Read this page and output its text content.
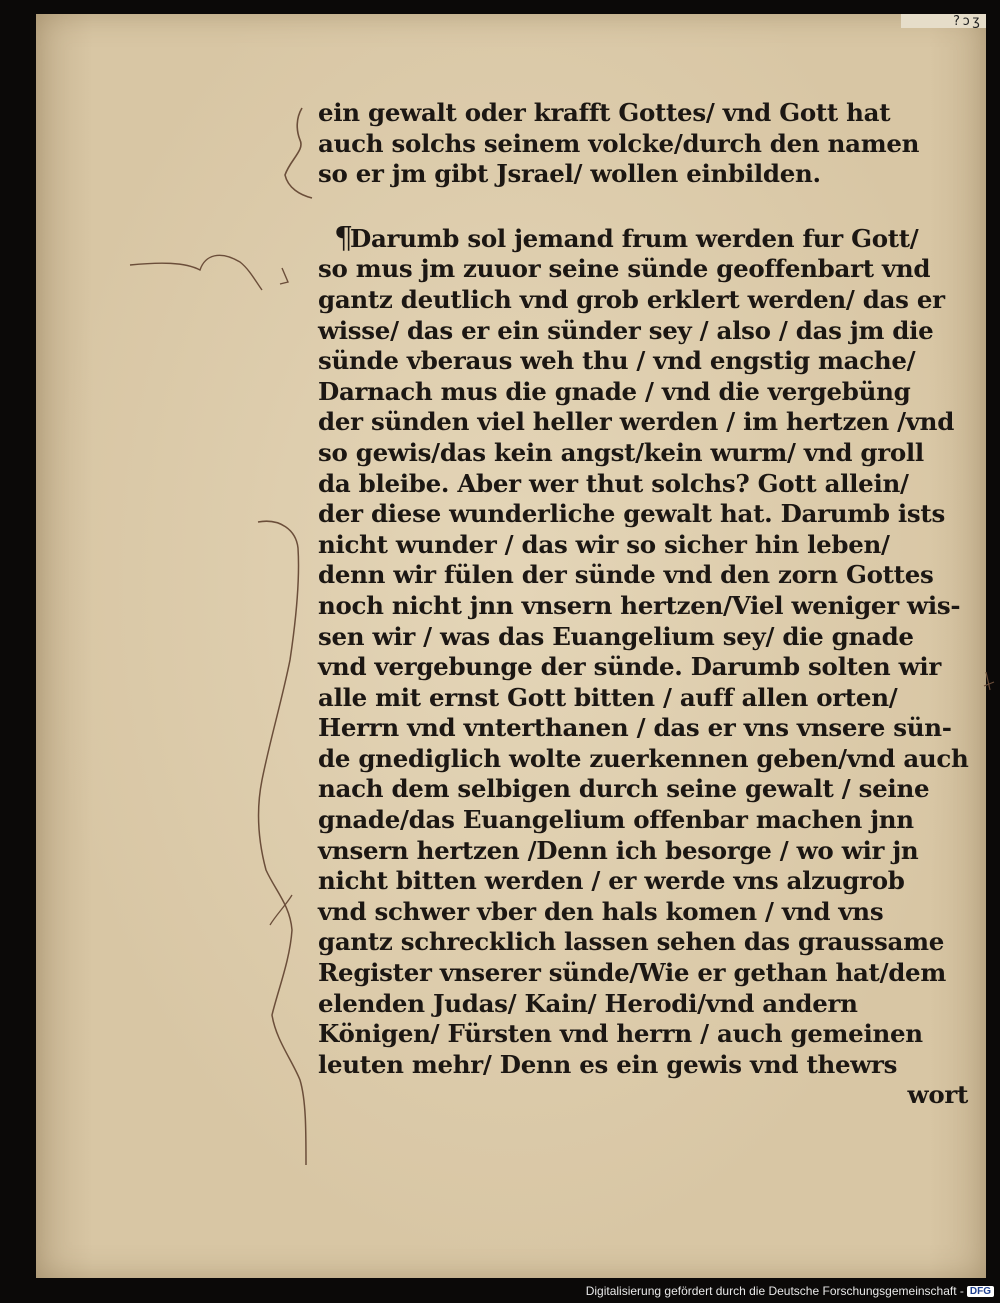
?ɔʒ
ein gewalt oder krafft Gottes/ vnd Gott hat
auch solchs seinem volcke/durch den namen
so er jm gibt Jsrael/ wollen einbilden.
¶
Darumb sol jemand frum werden fur Gott/
so mus jm zuuor seine sünde geoffenbart vnd
gantz deutlich vnd grob erklert werden/ das er
wisse/ das er ein sünder sey / also / das jm die
sünde vberaus weh thu / vnd engstig mache/
Darnach mus die gnade / vnd die vergebüng
der sünden viel heller werden / im hertzen /vnd
so gewis/das kein angst/kein wurm/ vnd groll
da bleibe. Aber wer thut solchs? Gott allein/
der diese wunderliche gewalt hat. Darumb ists
nicht wunder / das wir so sicher hin leben/
denn wir fülen der sünde vnd den zorn Gottes
noch nicht jnn vnsern hertzen/Viel weniger wis-
sen wir / was das Euangelium sey/ die gnade
vnd vergebunge der sünde. Darumb solten wir
alle mit ernst Gott bitten / auff allen orten/
Herrn vnd vnterthanen / das er vns vnsere sün-
de gnediglich wolte zuerkennen geben/vnd auch
nach dem selbigen durch seine gewalt / seine
gnade/das Euangelium offenbar machen jnn
vnsern hertzen /Denn ich besorge / wo wir jn
nicht bitten werden / er werde vns alzugrob
vnd schwer vber den hals komen / vnd vns
gantz schrecklich lassen sehen das graussame
Register vnserer sünde/Wie er gethan hat/dem
elenden Judas/ Kain/ Herodi/vnd andern
Königen/ Fürsten vnd herrn / auch gemeinen
leuten mehr/ Denn es ein gewis vnd thewrs
wort
Digitalisierung gefördert durch die Deutsche Forschungsgemeinschaft - DFG
